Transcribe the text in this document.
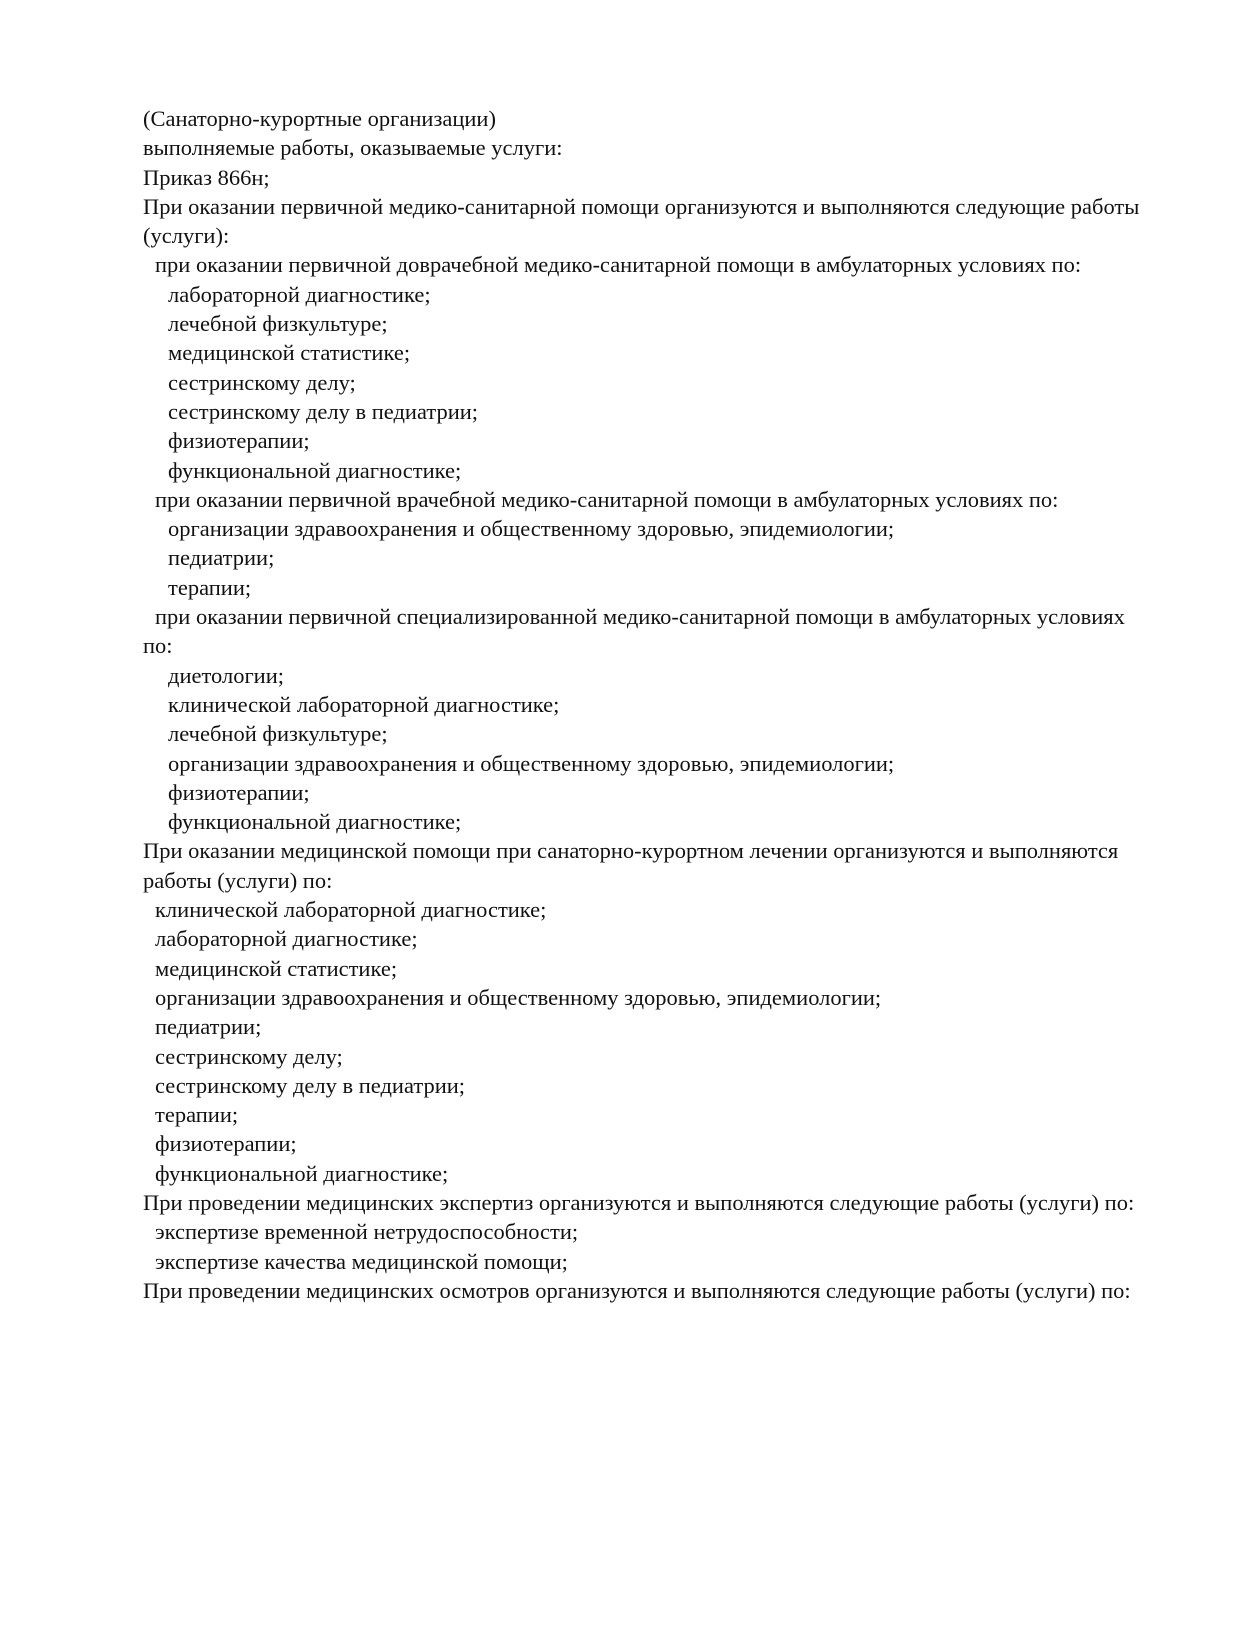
(Санаторно-курортные организации)

выполняемые работы, оказываемые услуги:

Приказ 866н;

При оказании первичной медико-санитарной помощи организуются и выполняются следующие работы (услуги):

при оказании первичной доврачебной медико-санитарной помощи в амбулаторных условиях по:

лабораторной диагностике;

лечебной физкультуре;

медицинской статистике;

сестринскому делу;

сестринскому делу в педиатрии;

физиотерапии;

функциональной диагностике;

при оказании первичной врачебной медико-санитарной помощи в амбулаторных условиях по:

организации здравоохранения и общественному здоровью, эпидемиологии;

педиатрии;

терапии;

при оказании первичной специализированной медико-санитарной помощи в амбулаторных условиях по:

диетологии;

клинической лабораторной диагностике;

лечебной физкультуре;

организации здравоохранения и общественному здоровью, эпидемиологии;

физиотерапии;

функциональной диагностике;

При оказании медицинской помощи при санаторно-курортном лечении организуются и выполняются работы (услуги) по:

клинической лабораторной диагностике;

лабораторной диагностике;

медицинской статистике;

организации здравоохранения и общественному здоровью, эпидемиологии;

педиатрии;

сестринскому делу;

сестринскому делу в педиатрии;

терапии;

физиотерапии;

функциональной диагностике;

При проведении медицинских экспертиз организуются и выполняются следующие работы (услуги) по:

экспертизе временной нетрудоспособности;

экспертизе качества медицинской помощи;

При проведении медицинских осмотров организуются и выполняются следующие работы (услуги) по:
